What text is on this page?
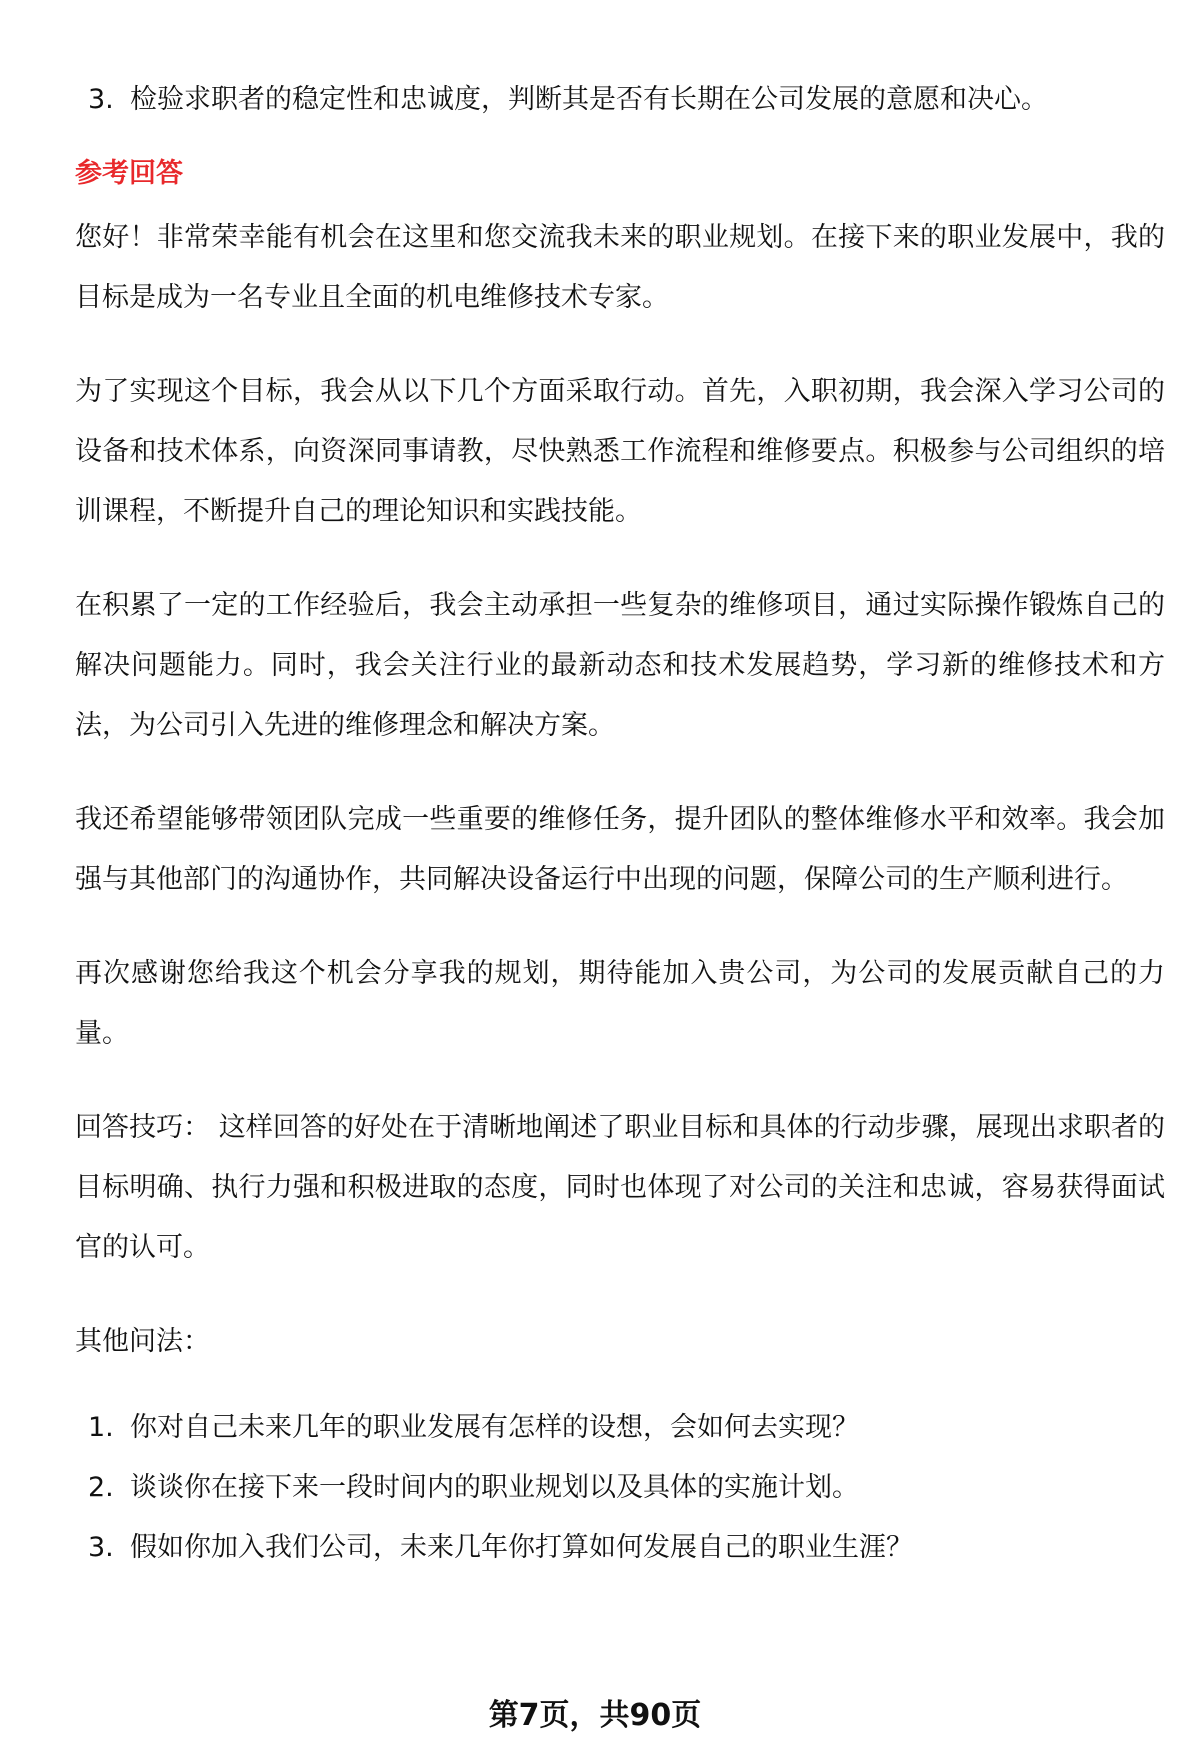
3. 检验求职者的稳定性和忠诚度，判断其是否有长期在公司发展的意愿和决心。
参考回答

您好！非常荣幸能有机会在这里和您交流我未来的职业规划。在接下来的职业发展中，我的目标是成为一名专业且全面的机电维修技术专家。

为了实现这个目标，我会从以下几个方面采取行动。首先，入职初期，我会深入学习公司的设备和技术体系，向资深同事请教，尽快熟悉工作流程和维修要点。积极参与公司组织的培训课程，不断提升自己的理论知识和实践技能。

在积累了一定的工作经验后，我会主动承担一些复杂的维修项目，通过实际操作锻炼自己的解决问题能力。同时，我会关注行业的最新动态和技术发展趋势，学习新的维修技术和方法，为公司引入先进的维修理念和解决方案。

我还希望能够带领团队完成一些重要的维修任务，提升团队的整体维修水平和效率。我会加强与其他部门的沟通协作，共同解决设备运行中出现的问题，保障公司的生产顺利进行。

再次感谢您给我这个机会分享我的规划，期待能加入贵公司，为公司的发展贡献自己的力量。

回答技巧： 这样回答的好处在于清晰地阐述了职业目标和具体的行动步骤，展现出求职者的目标明确、执行力强和积极进取的态度，同时也体现了对公司的关注和忠诚，容易获得面试官的认可。

其他问法：

1. 你对自己未来几年的职业发展有怎样的设想，会如何去实现？
2. 谈谈你在接下来一段时间内的职业规划以及具体的实施计划。
3. 假如你加入我们公司，未来几年你打算如何发展自己的职业生涯？
第7页，共90页
